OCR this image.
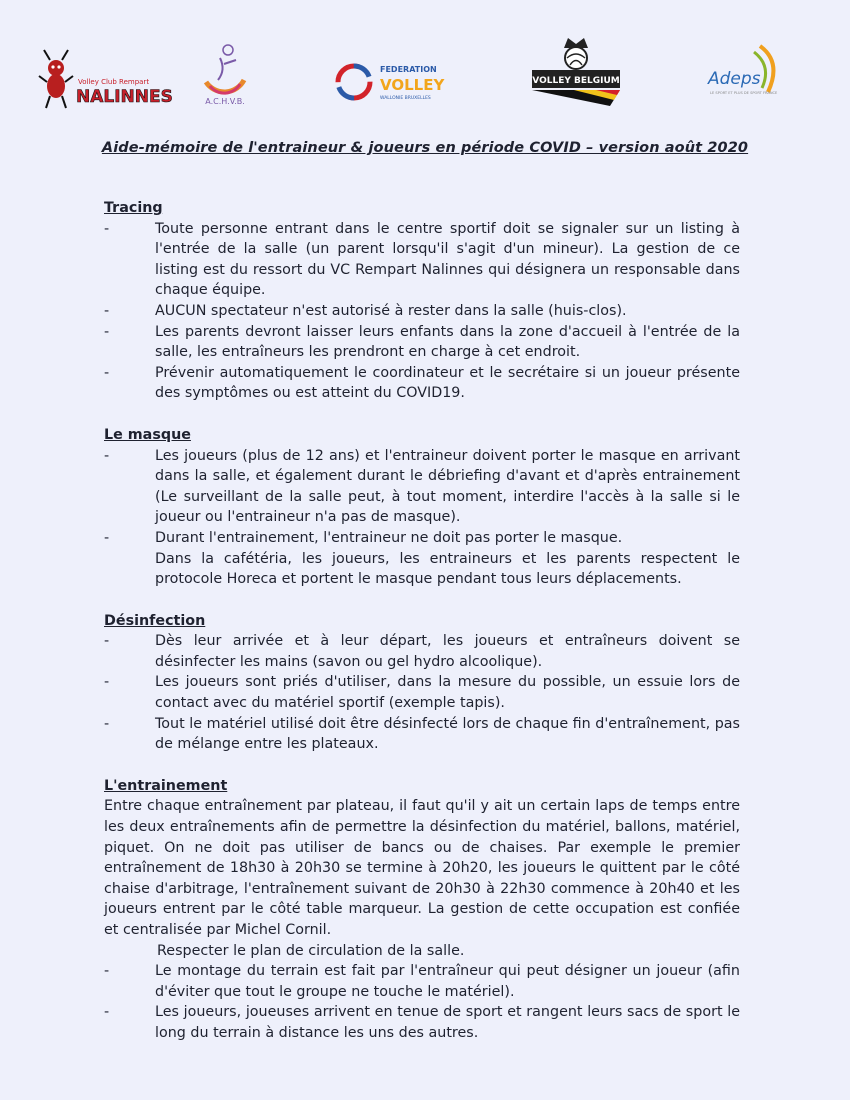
Volley Club Rempart
NALINNES	A.C.H.V.B.
FEDERATION
VOLLEY
WALLONIE BRUXELLES
VOLLEY BELGIUM	Adeps
LE SPORT ET PLUS DE SPORT FRANCE
Aide-mémoire de l'entraineur & joueurs en période COVID – version août 2020
Tracing
-	Toute personne entrant dans le centre sportif doit se signaler sur un listing à l'entrée de la salle (un parent lorsqu'il s'agit d'un mineur). La gestion de ce listing est du ressort du VC Rempart Nalinnes qui désignera un responsable dans chaque équipe.
-	AUCUN spectateur n'est autorisé à rester dans la salle (huis-clos).
-	Les parents devront laisser leurs enfants dans la zone d'accueil à l'entrée de la salle, les entraîneurs les prendront en charge à cet endroit.
-	Prévenir automatiquement le coordinateur et le secrétaire si un joueur présente des symptômes ou est atteint du COVID19.
Le masque
-	Les joueurs (plus de 12 ans) et l'entraineur doivent porter le masque en arrivant dans la salle, et également durant le débriefing d'avant et d'après entrainement (Le surveillant de la salle peut, à tout moment, interdire l'accès à la salle si le joueur ou l'entraineur n'a pas de masque).
-	Durant l'entrainement, l'entraineur ne doit pas porter le masque.
Dans la cafétéria, les joueurs, les entraineurs et les parents respectent le protocole Horeca et portent le masque pendant tous leurs déplacements.
Désinfection
-	Dès leur arrivée et à leur départ, les joueurs et entraîneurs doivent se désinfecter les mains (savon ou gel hydro alcoolique).
-	Les joueurs sont priés d'utiliser, dans la mesure du possible, un essuie lors de contact avec du matériel sportif (exemple tapis).
-	Tout le matériel utilisé doit être désinfecté lors de chaque fin d'entraînement, pas de mélange entre les plateaux.
L'entrainement
Entre chaque entraînement par plateau, il faut qu'il y ait un certain laps de temps entre les deux entraînements afin de permettre la désinfection du matériel, ballons, matériel, piquet. On ne doit pas utiliser de bancs ou de chaises. Par exemple le premier entraînement de 18h30 à 20h30 se termine à 20h20, les joueurs le quittent par le côté chaise d'arbitrage, l'entraînement suivant de 20h30 à 22h30 commence à 20h40 et les joueurs entrent par le côté table marqueur. La gestion de cette occupation est confiée et centralisée par Michel Cornil.
Respecter le plan de circulation de la salle.
-	Le montage du terrain est fait par l'entraîneur qui peut désigner un joueur (afin d'éviter que tout le groupe ne touche le matériel).
-	Les joueurs, joueuses arrivent en tenue de sport et rangent leurs sacs de sport le long du terrain à distance les uns des autres.
